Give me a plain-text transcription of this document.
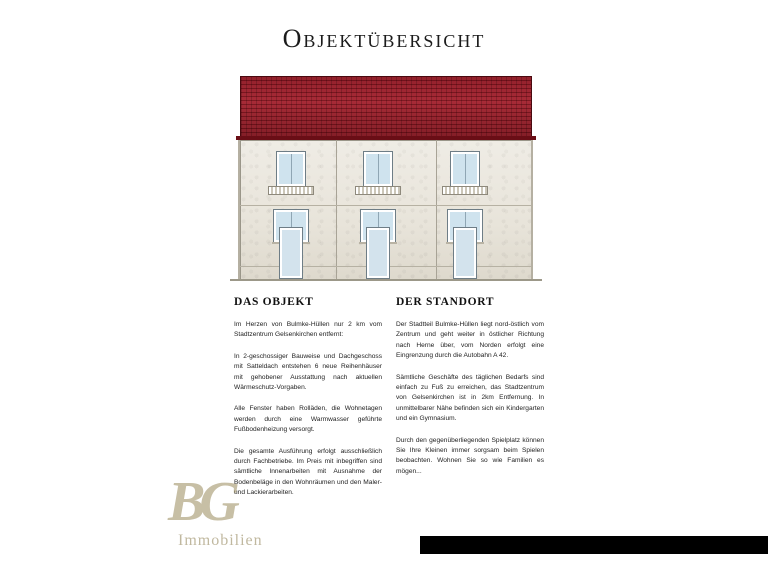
Objektübersicht
DAS OBJEKT

Im Herzen von Bulmke-Hüllen nur 2 km vom Stadtzentrum Gelsenkirchen entfernt:

In 2-geschossiger Bauweise und Dachgeschoss mit Satteldach entstehen 6 neue Reihenhäuser mit gehobener Ausstattung nach aktuellen Wärmeschutz-Vorgaben.

Alle Fenster haben Rolläden, die Wohnetagen werden durch eine Warmwasser geführte Fußbodenheizung versorgt.

Die gesamte Ausführung erfolgt ausschließlich durch Fachbetriebe. Im Preis mit inbegriffen sind sämtliche Innenarbeiten mit Ausnahme der Bodenbeläge in den Wohnräumen und den Maler- und Lackierarbeiten.

DER STANDORT

Der Stadtteil Bulmke-Hüllen liegt nord-östlich vom Zentrum und geht weiter in östlicher Richtung nach Herne über, vom Norden erfolgt eine Eingrenzung durch die Autobahn A 42.

Sämtliche Geschäfte des täglichen Bedarfs sind einfach zu Fuß zu erreichen, das Stadtzentrum von Gelsenkirchen ist in 2km Entfernung. In unmittelbarer Nähe befinden sich ein Kindergarten und ein Gymnasium.

Durch den gegenüberliegenden Spielplatz können Sie Ihre Kleinen immer sorgsam beim Spielen beobachten. Wohnen Sie so wie Familien es mögen...

BG
Immobilien
